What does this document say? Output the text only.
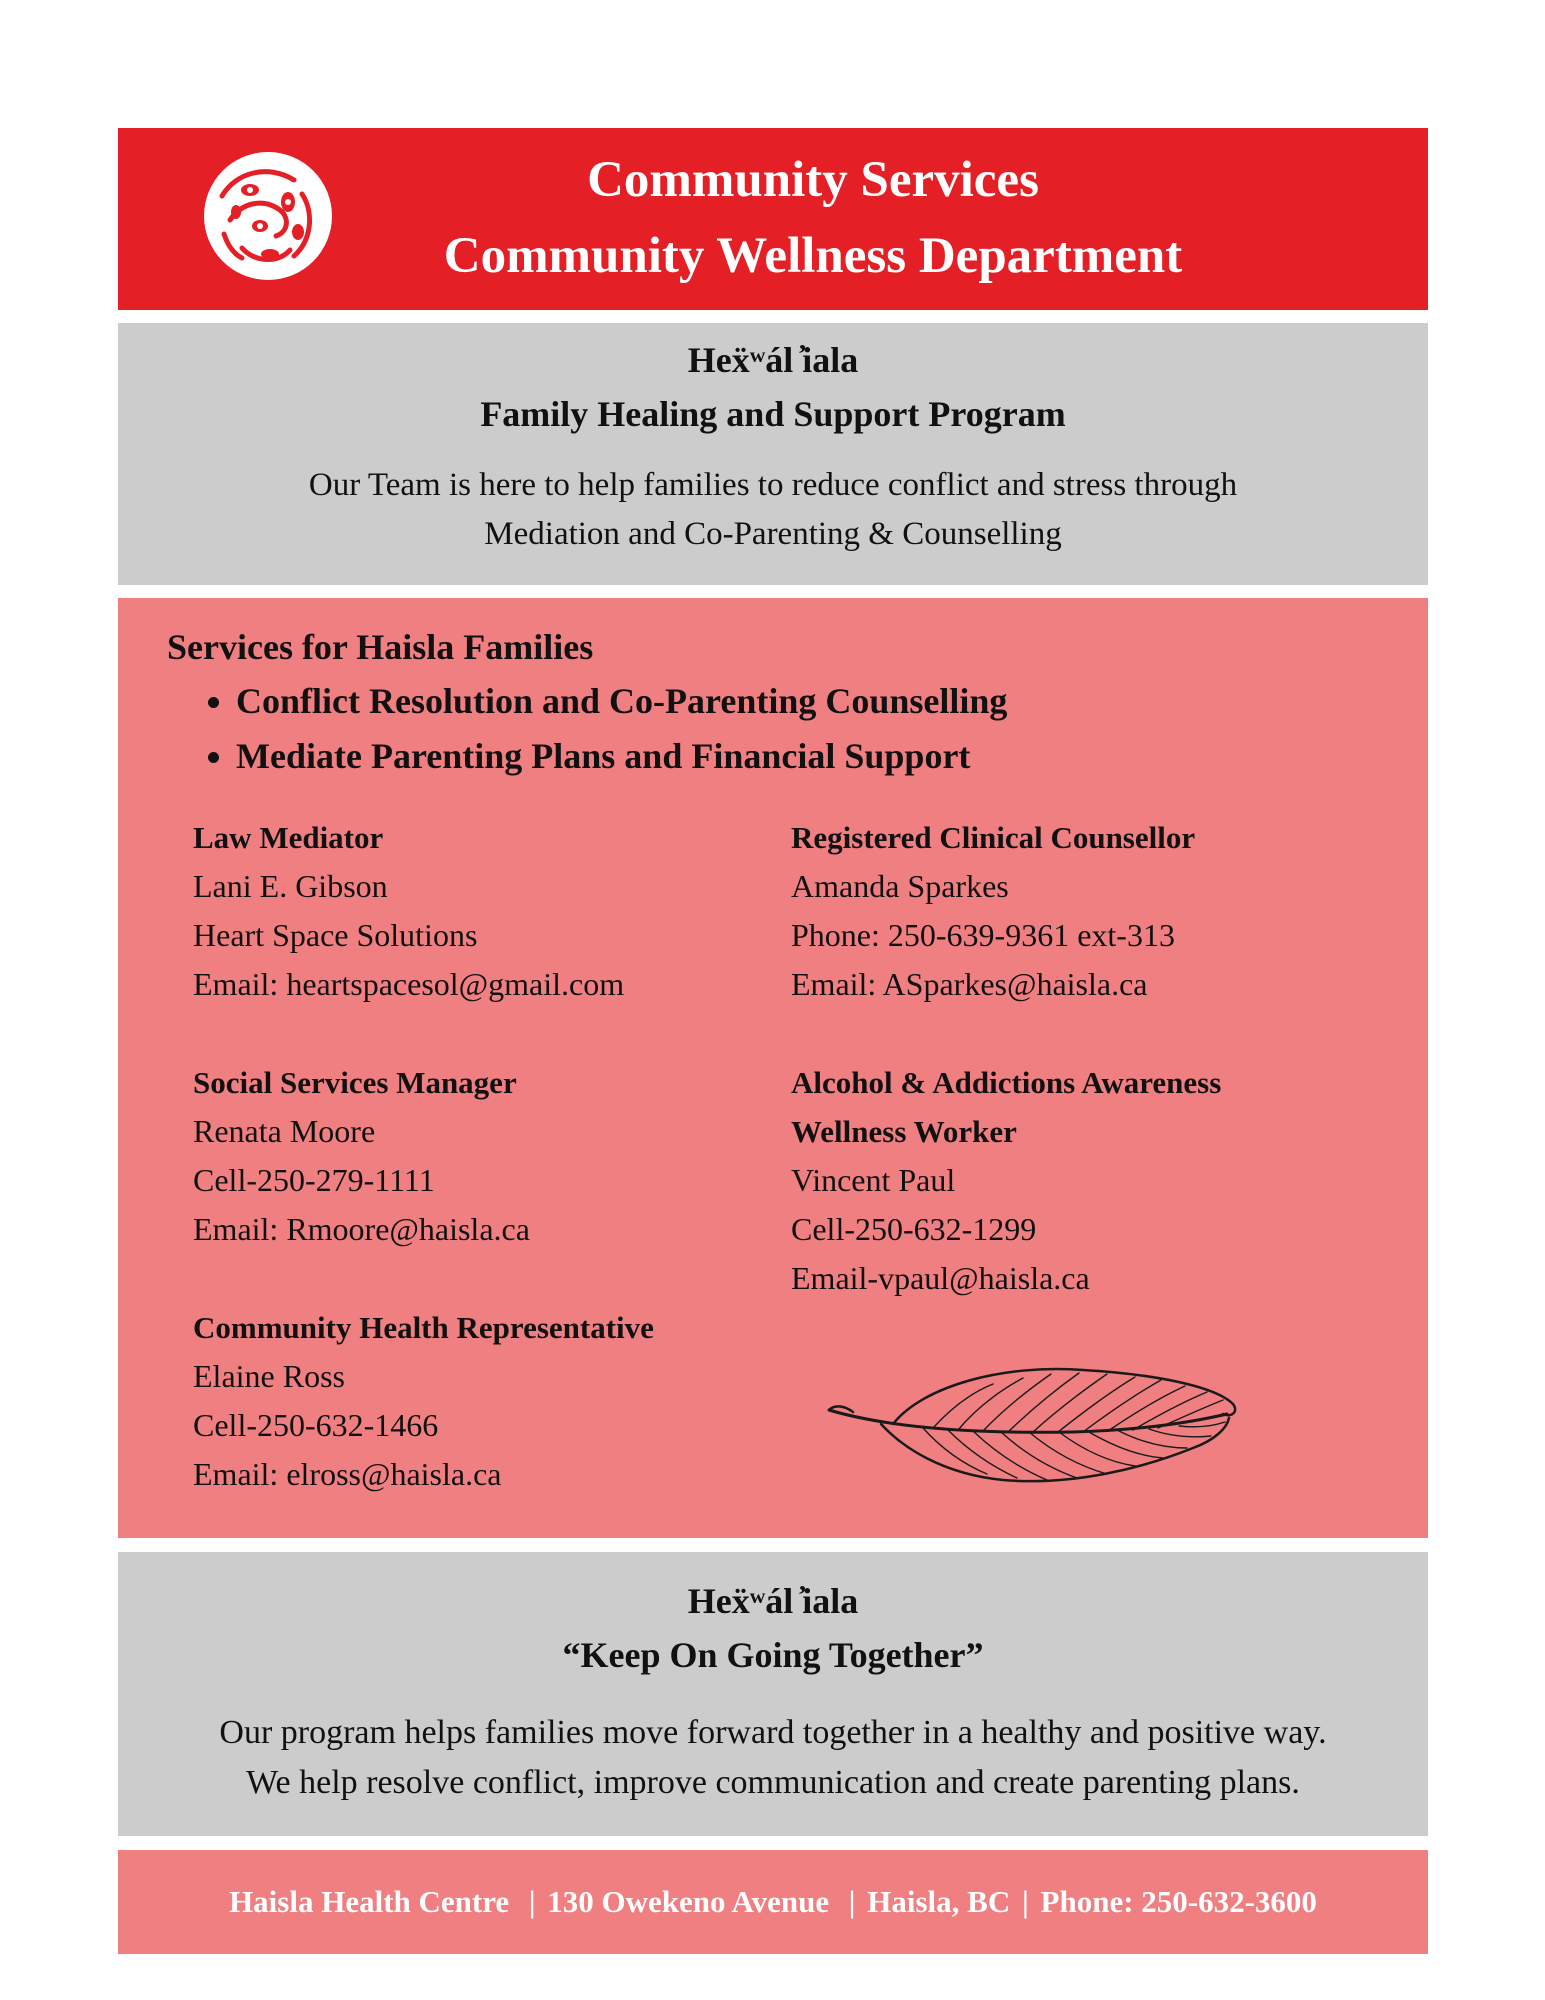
Community Services
Community Wellness Department
Heẍʷál ̓iala
Family Healing and Support Program
Our Team is here to help families to reduce conflict and stress through
Mediation and Co-Parenting & Counselling
Services for Haisla Families
• Conflict Resolution and Co-Parenting Counselling
• Mediate Parenting Plans and Financial Support
Law Mediator
Lani E. Gibson
Heart Space Solutions
Email: heartspacesol@gmail.com
Registered Clinical Counsellor
Amanda Sparkes
Phone: 250-639-9361 ext-313
Email: ASparkes@haisla.ca
Social Services Manager
Renata Moore
Cell-250-279-1111
Email: Rmoore@haisla.ca
Alcohol & Addictions Awareness
Wellness Worker
Vincent Paul
Cell-250-632-1299
Email-vpaul@haisla.ca
Community Health Representative
Elaine Ross
Cell-250-632-1466
Email: elross@haisla.ca
Heẍʷál ̓iala
“Keep On Going Together”
Our program helps families move forward together in a healthy and positive way.
We help resolve conflict, improve communication and create parenting plans.
Haisla Health Centre  | 130 Owekeno Avenue  | Haisla, BC | Phone: 250-632-3600
